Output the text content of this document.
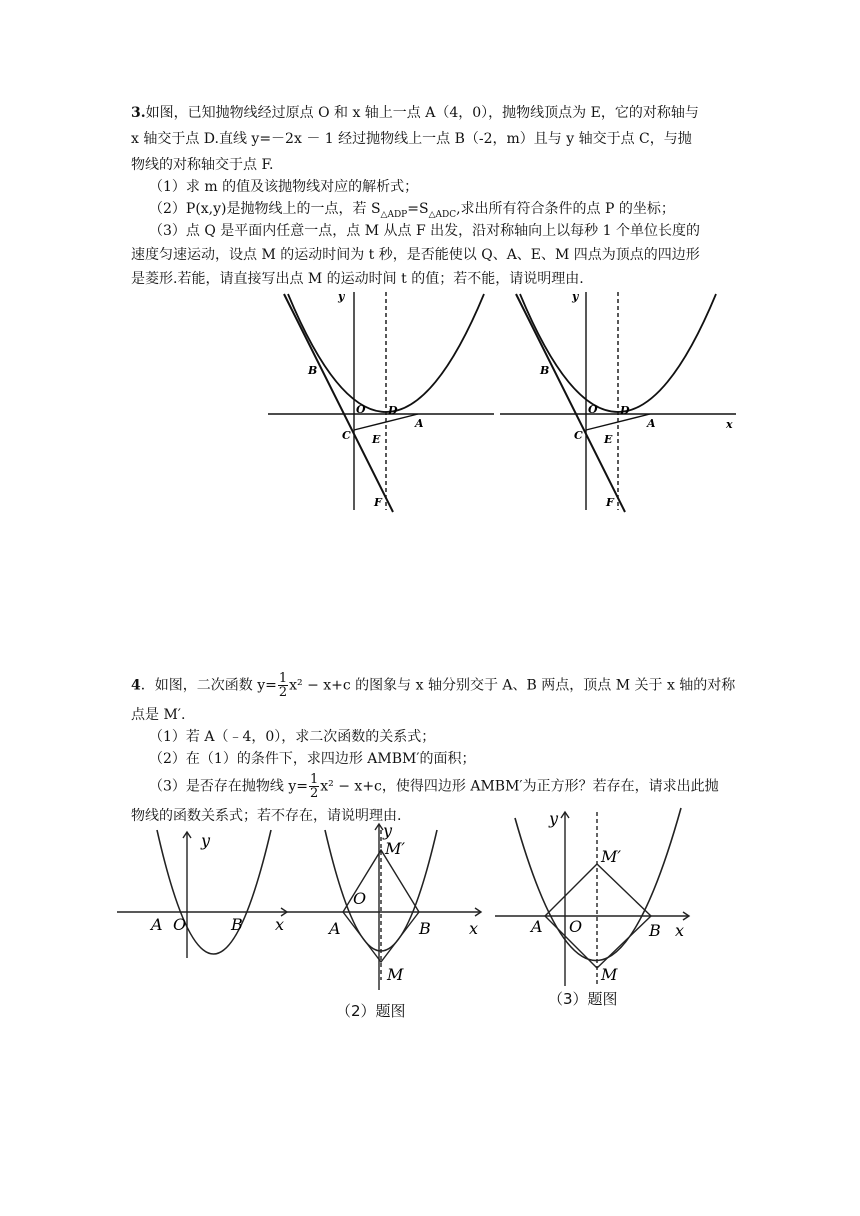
3.如图，已知抛物线经过原点 O 和 x 轴上一点 A（4，0），抛物线顶点为 E，它的对称轴与
x 轴交于点 D.直线 y=－2x － 1 经过抛物线上一点 B（-2，m）且与 y 轴交于点 C，与抛
物线的对称轴交于点 F.
（1）求 m 的值及该抛物线对应的解析式；
（2）P(x,y)是抛物线上的一点，若 $S_{\triangle ADP}=S_{\triangle ADC}$,求出所有符合条件的点 P 的坐标；
（3）点 Q 是平面内任意一点，点 M 从点 F 出发，沿对称轴向上以每秒 1 个单位长度的
速度匀速运动，设点 M 的运动时间为 t 秒，是否能使以 Q、A、E、M 四点为顶点的四边形
是菱形.若能，请直接写出点 M 的运动时间 t 的值；若不能，请说明理由.
y
B
O D
C E
A
F
y
x
B
O D
C E
A
F
4．如图，二次函数 $y= \frac{1}{2} x^2 - x+c$ 的图象与 x 轴分别交于 A、B 两点，顶点 M 关于 x 轴的对称
点是 M′.
（1）若 A（﹣4，0），求二次函数的关系式；
（2）在（1）的条件下，求四边形 AMBM′的面积；
（3）是否存在抛物线 $y= \frac{1}{2} x^2 - x+c$，使得四边形 AMBM′为正方形？若存在，请求出此抛
物线的函数关系式；若不存在，请说明理由.
y
x
A O	B
y
x
M′
O
A	B
M
（2）题图
y
x
M′
A O	B
M
（3）题图
